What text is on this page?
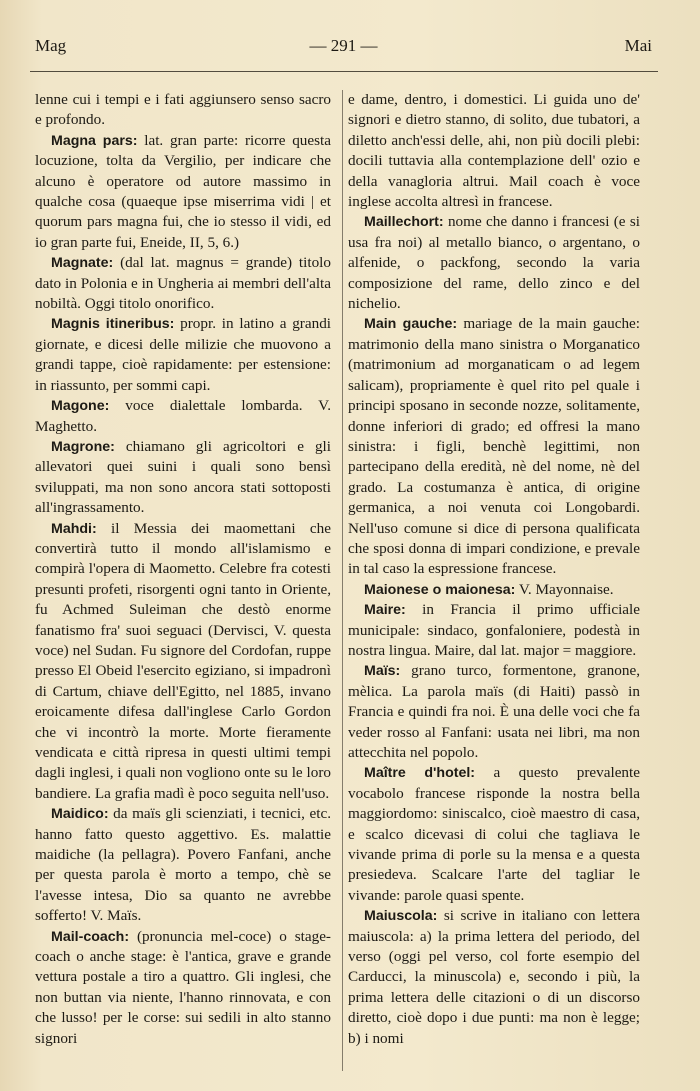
Mag	— 291 —	Mai

lenne cui i tempi e i fati aggiunsero senso sacro e profondo.

Magna pars: lat. gran parte: ricorre questa locuzione, tolta da Vergilio, per indicare che alcuno è operatore od autore massimo in qualche cosa (quaeque ipse miserrima vidi | et quorum pars magna fui, che io stesso il vidi, ed io gran parte fui, Eneide, II, 5, 6.)

Magnate: (dal lat. magnus = grande) titolo dato in Polonia e in Ungheria ai membri dell'alta nobiltà. Oggi titolo onorifico.

Magnis itineribus: propr. in latino a grandi giornate, e dicesi delle milizie che muovono a grandi tappe, cioè rapidamente: per estensione: in riassunto, per sommi capi.

Magone: voce dialettale lombarda. V. Maghetto.

Magrone: chiamano gli agricoltori e gli allevatori quei suini i quali sono bensì sviluppati, ma non sono ancora stati sottoposti all'ingrassamento.

Mahdi: il Messia dei maomettani che convertirà tutto il mondo all'islamismo e compirà l'opera di Maometto. Celebre fra cotesti presunti profeti, risorgenti ogni tanto in Oriente, fu Achmed Suleiman che destò enorme fanatismo fra' suoi seguaci (Dervisci, V. questa voce) nel Sudan. Fu signore del Cordofan, ruppe presso El Obeid l'esercito egiziano, si impadronì di Cartum, chiave dell'Egitto, nel 1885, invano eroicamente difesa dall'inglese Carlo Gordon che vi incontrò la morte. Morte fieramente vendicata e città ripresa in questi ultimi tempi dagli inglesi, i quali non vogliono onte su le loro bandiere. La grafia madì è poco seguita nell'uso.

Maidico: da maïs gli scienziati, i tecnici, etc. hanno fatto questo aggettivo. Es. malattie maidiche (la pellagra). Povero Fanfani, anche per questa parola è morto a tempo, chè se l'avesse intesa, Dio sa quanto ne avrebbe sofferto! V. Maïs.

Mail-coach: (pronuncia mel-coce) o stage-coach o anche stage: è l'antica, grave e grande vettura postale a tiro a quattro. Gli inglesi, che non buttan via niente, l'hanno rinnovata, e con che lusso! per le corse: sui sedili in alto stanno signori

e dame, dentro, i domestici. Li guida uno de' signori e dietro stanno, di solito, due tubatori, a diletto anch'essi delle, ahi, non più docili plebi: docili tuttavia alla contemplazione dell' ozio e della vanagloria altrui. Mail coach è voce inglese accolta altresì in francese.

Maillechort: nome che danno i francesi (e si usa fra noi) al metallo bianco, o argentano, o alfenide, o packfong, secondo la varia composizione del rame, dello zinco e del nichelio.

Main gauche: mariage de la main gauche: matrimonio della mano sinistra o Morganatico (matrimonium ad morganaticam o ad legem salicam), propriamente è quel rito pel quale i principi sposano in seconde nozze, solitamente, donne inferiori di grado; ed offresi la mano sinistra: i figli, benchè legittimi, non partecipano della eredità, nè del nome, nè del grado. La costumanza è antica, di origine germanica, a noi venuta coi Longobardi. Nell'uso comune si dice di persona qualificata che sposi donna di impari condizione, e prevale in tal caso la espressione francese.

Maionese o maionesa: V. Mayonnaise.

Maire: in Francia il primo ufficiale municipale: sindaco, gonfaloniere, podestà in nostra lingua. Maire, dal lat. major = maggiore.

Maïs: grano turco, formentone, granone, mèlica. La parola maïs (di Haiti) passò in Francia e quindi fra noi. È una delle voci che fa veder rosso al Fanfani: usata nei libri, ma non attecchita nel popolo.

Maître d'hotel: a questo prevalente vocabolo francese risponde la nostra bella maggiordomo: siniscalco, cioè maestro di casa, e scalco dicevasi di colui che tagliava le vivande prima di porle su la mensa e a questa presiedeva. Scalcare l'arte del tagliar le vivande: parole quasi spente.

Maiuscola: si scrive in italiano con lettera maiuscola: a) la prima lettera del periodo, del verso (oggi pel verso, col forte esempio del Carducci, la minuscola) e, secondo i più, la prima lettera delle citazioni o di un discorso diretto, cioè dopo i due punti: ma non è legge; b) i nomi
